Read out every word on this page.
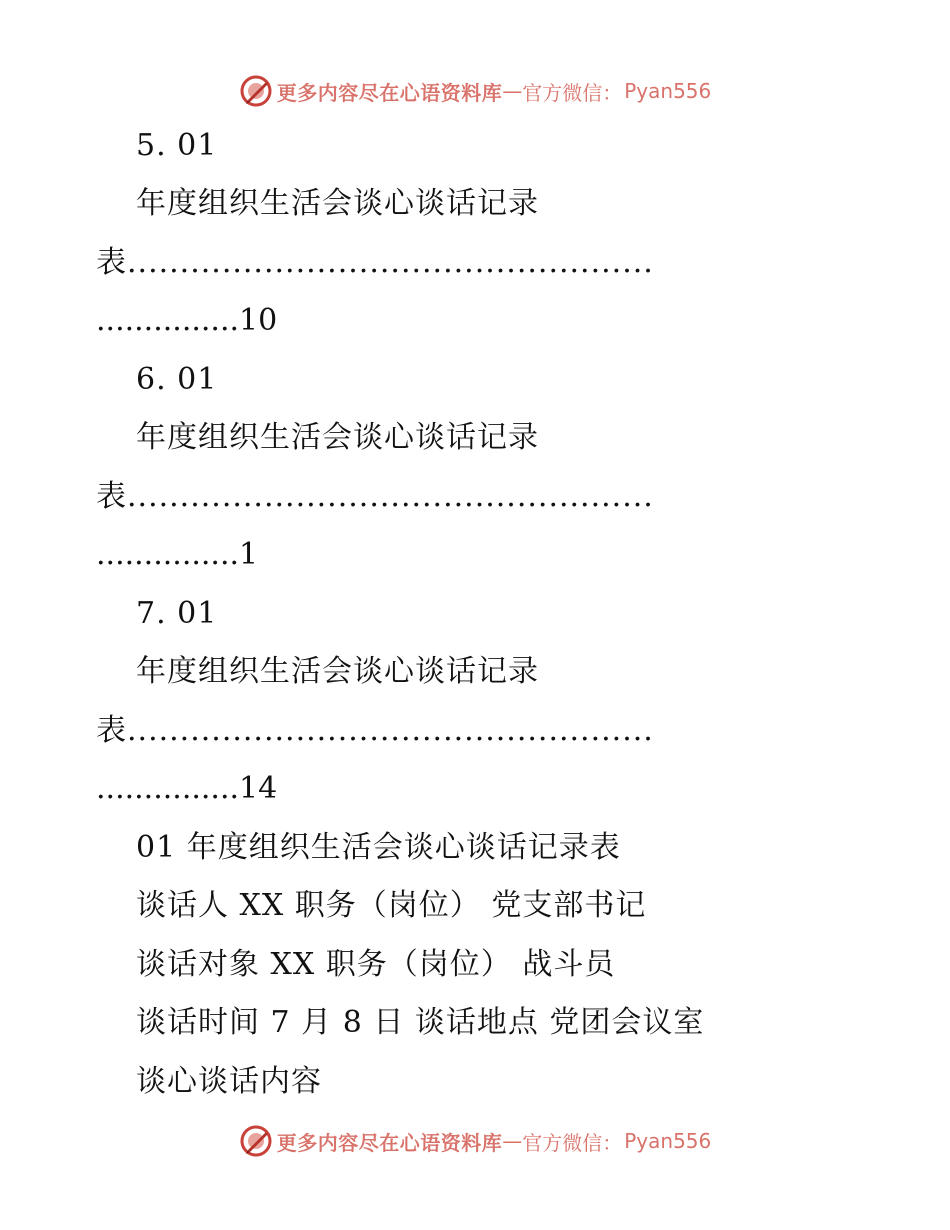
更多内容尽在心语资料库 — 官方微信： Pyan556
5. 01
年度组织生活会谈心谈话记录
表..................................................
...............10
6. 01
年度组织生活会谈心谈话记录
表..................................................
...............1
7. 01
年度组织生活会谈心谈话记录
表..................................................
...............14
01 年度组织生活会谈心谈话记录表
谈话人 XX 职务（岗位） 党支部书记
谈话对象 XX 职务（岗位） 战斗员
谈话时间 7 月 8 日 谈话地点 党团会议室
谈心谈话内容
更多内容尽在心语资料库 — 官方微信： Pyan556
